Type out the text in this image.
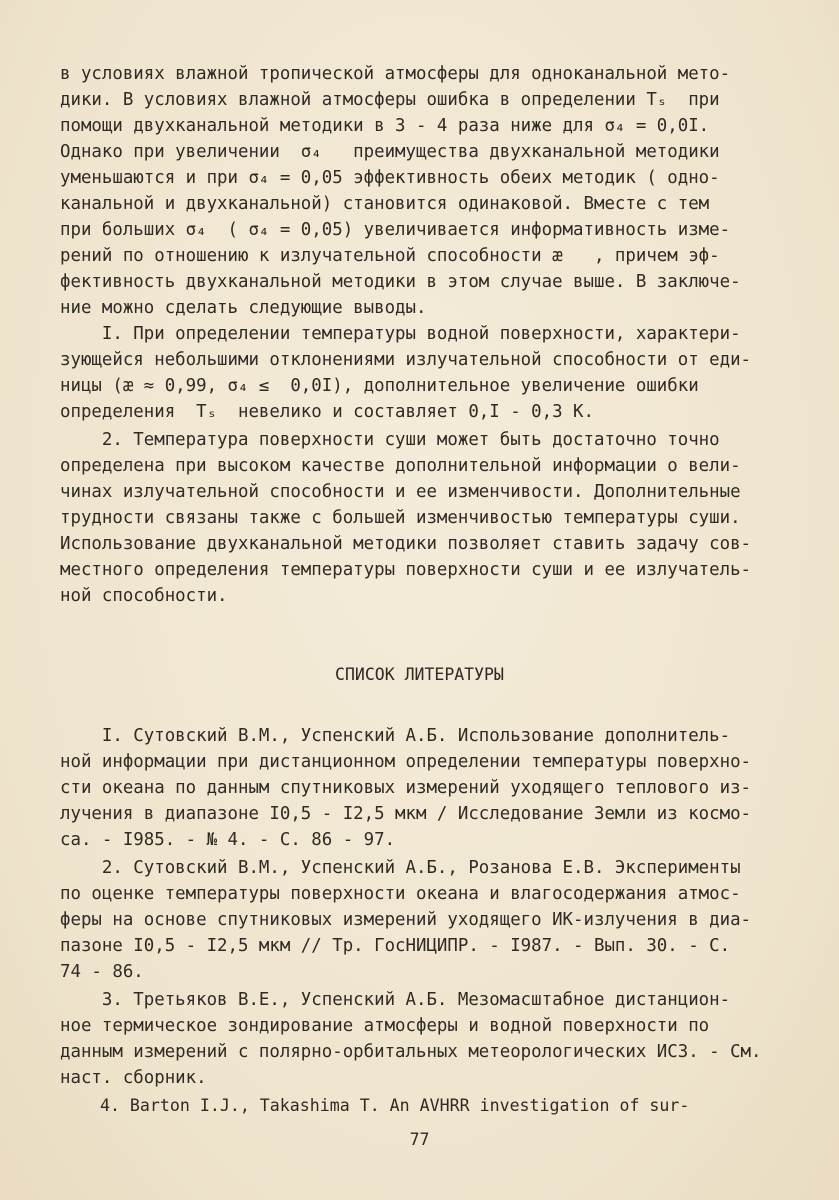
в условиях влажной тропической атмосферы для одноканальной мето-
дики. В условиях влажной атмосферы ошибка в определении Tₛ  при
помощи двухканальной методики в 3 - 4 раза ниже для σ₄ = 0,0I.
Однако при увеличении  σ₄   преимущества двухканальной методики
уменьшаются и при σ₄ = 0,05 эффективность обеих методик ( одно-
канальной и двухканальной) становится одинаковой. Вместе с тем
при больших σ₄  ( σ₄ = 0,05) увеличивается информативность изме-
рений по отношению к излучательной способности æ   , причем эф-
фективность двухканальной методики в этом случае выше. В заключе-
ние можно сделать следующие выводы.
I. При определении температуры водной поверхности, характери-
зующейся небольшими отклонениями излучательной способности от еди-
ницы (æ ≈ 0,99, σ₄ ≤  0,0I), дополнительное увеличение ошибки
определения  Tₛ  невелико и составляет 0,I - 0,3 К.
2. Температура поверхности суши может быть достаточно точно
определена при высоком качестве дополнительной информации о вели-
чинах излучательной способности и ее изменчивости. Дополнительные
трудности связаны также с большей изменчивостью температуры суши.
Использование двухканальной методики позволяет ставить задачу сов-
местного определения температуры поверхности суши и ее излучатель-
ной способности.
СПИСОК ЛИТЕРАТУРЫ
I. Сутовский В.М., Успенский А.Б. Использование дополнитель-
ной информации при дистанционном определении температуры поверхно-
сти океана по данным спутниковых измерений уходящего теплового из-
лучения в диапазоне I0,5 - I2,5 мкм / Исследование Земли из космо-
са. - I985. - № 4. - С. 86 - 97.
2. Сутовский В.М., Успенский А.Б., Розанова Е.В. Эксперименты
по оценке температуры поверхности океана и влагосодержания атмос-
феры на основе спутниковых измерений уходящего ИК-излучения в диа-
пазоне I0,5 - I2,5 мкм // Тр. ГосНИЦИПР. - I987. - Вып. 30. - С.
74 - 86.
3. Третьяков В.Е., Успенский А.Б. Мезомасштабное дистанцион-
ное термическое зондирование атмосферы и водной поверхности по
данным измерений с полярно-орбитальных метеорологических ИСЗ. - См.
наст. сборник.
4. Barton I.J., Takashima T. An AVHRR investigation of sur-
77
